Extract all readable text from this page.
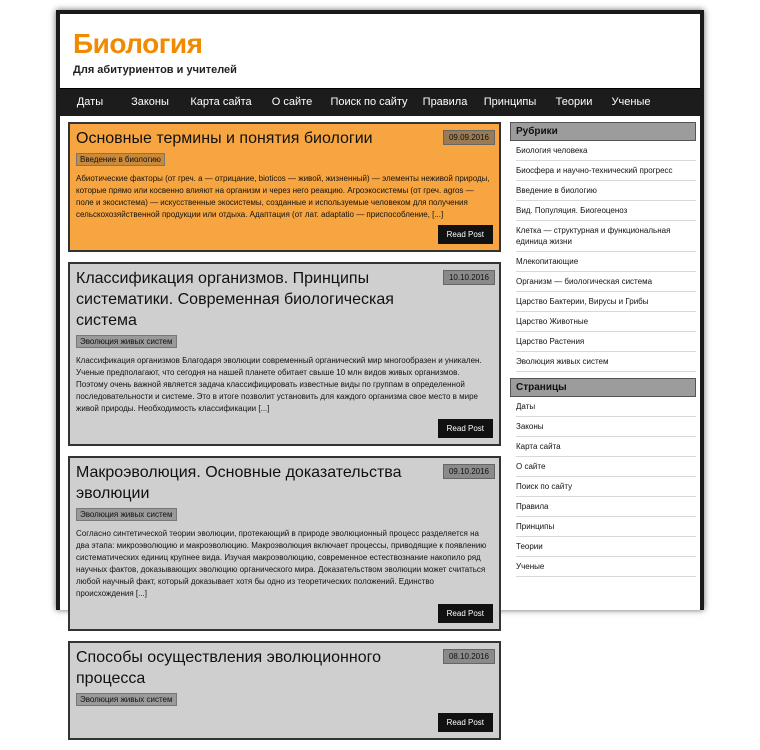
Биология
Для абитуриентов и учителей
Даты	Законы	Карта сайта	О сайте	Поиск по сайту	Правила	Принципы	Теории	Ученые
Основные термины и понятия биологии	09.09.2016
Введение в биологию
Абиотические факторы (от греч. a — отрицание, bioticos — живой, жизненный) — элементы неживой природы, которые прямо или косвенно влияют на организм и через него реакцию. Агроэкосистемы (от греч. agros — поле и экосистема) — искусственные экосистемы, созданные и используемые человеком для получения сельскохозяйственной продукции или отдыха. Адаптация (от лат. adaptatio — приспособление, [...]
Read Post
Классификация организмов. Принципы систематики. Современная биологическая система
10.10.2016
Эволюция живых систем
Классификация организмов Благодаря эволюции современный органический мир многообразен и уникален. Ученые предполагают, что сегодня на нашей планете обитает свыше 10 млн видов живых организмов. Поэтому очень важной является задача классифицировать известные виды по группам в определенной последовательности и системе. Это в итоге позволит установить для каждого организма свое место в мире живой природы. Необходимость классификации [...]
Read Post
Макроэволюция. Основные доказательства эволюции
09.10.2016
Эволюция живых систем
Согласно синтетической теории эволюции, протекающий в природе эволюционный процесс разделяется на два этапа: микроэволюцию и макроэволюцию. Макроэволюция включает процессы, приводящие к появлению систематических единиц крупнее вида. Изучая макроэволюцию, современное естествознание накопило ряд научных фактов, доказывающих эволюцию органического мира. Доказательством эволюции может считаться любой научный факт, который доказывает хотя бы одно из теоретических положений. Единство происхождения [...]
Read Post
Способы осуществления эволюционного процесса
08.10.2016
Эволюция живых систем
Read Post
Рубрики
Биология человека
Биосфера и научно-технический прогресс
Введение в биологию
Вид. Популяция. Биогеоценоз
Клетка — структурная и функциональная единица жизни
Млекопитающие
Организм — биологическая система
Царство Бактерии, Вирусы и Грибы
Царство Животные
Царство Растения
Эволюция живых систем
Страницы
Даты
Законы
Карта сайта
О сайте
Поиск по сайту
Правила
Принципы
Теории
Ученые
